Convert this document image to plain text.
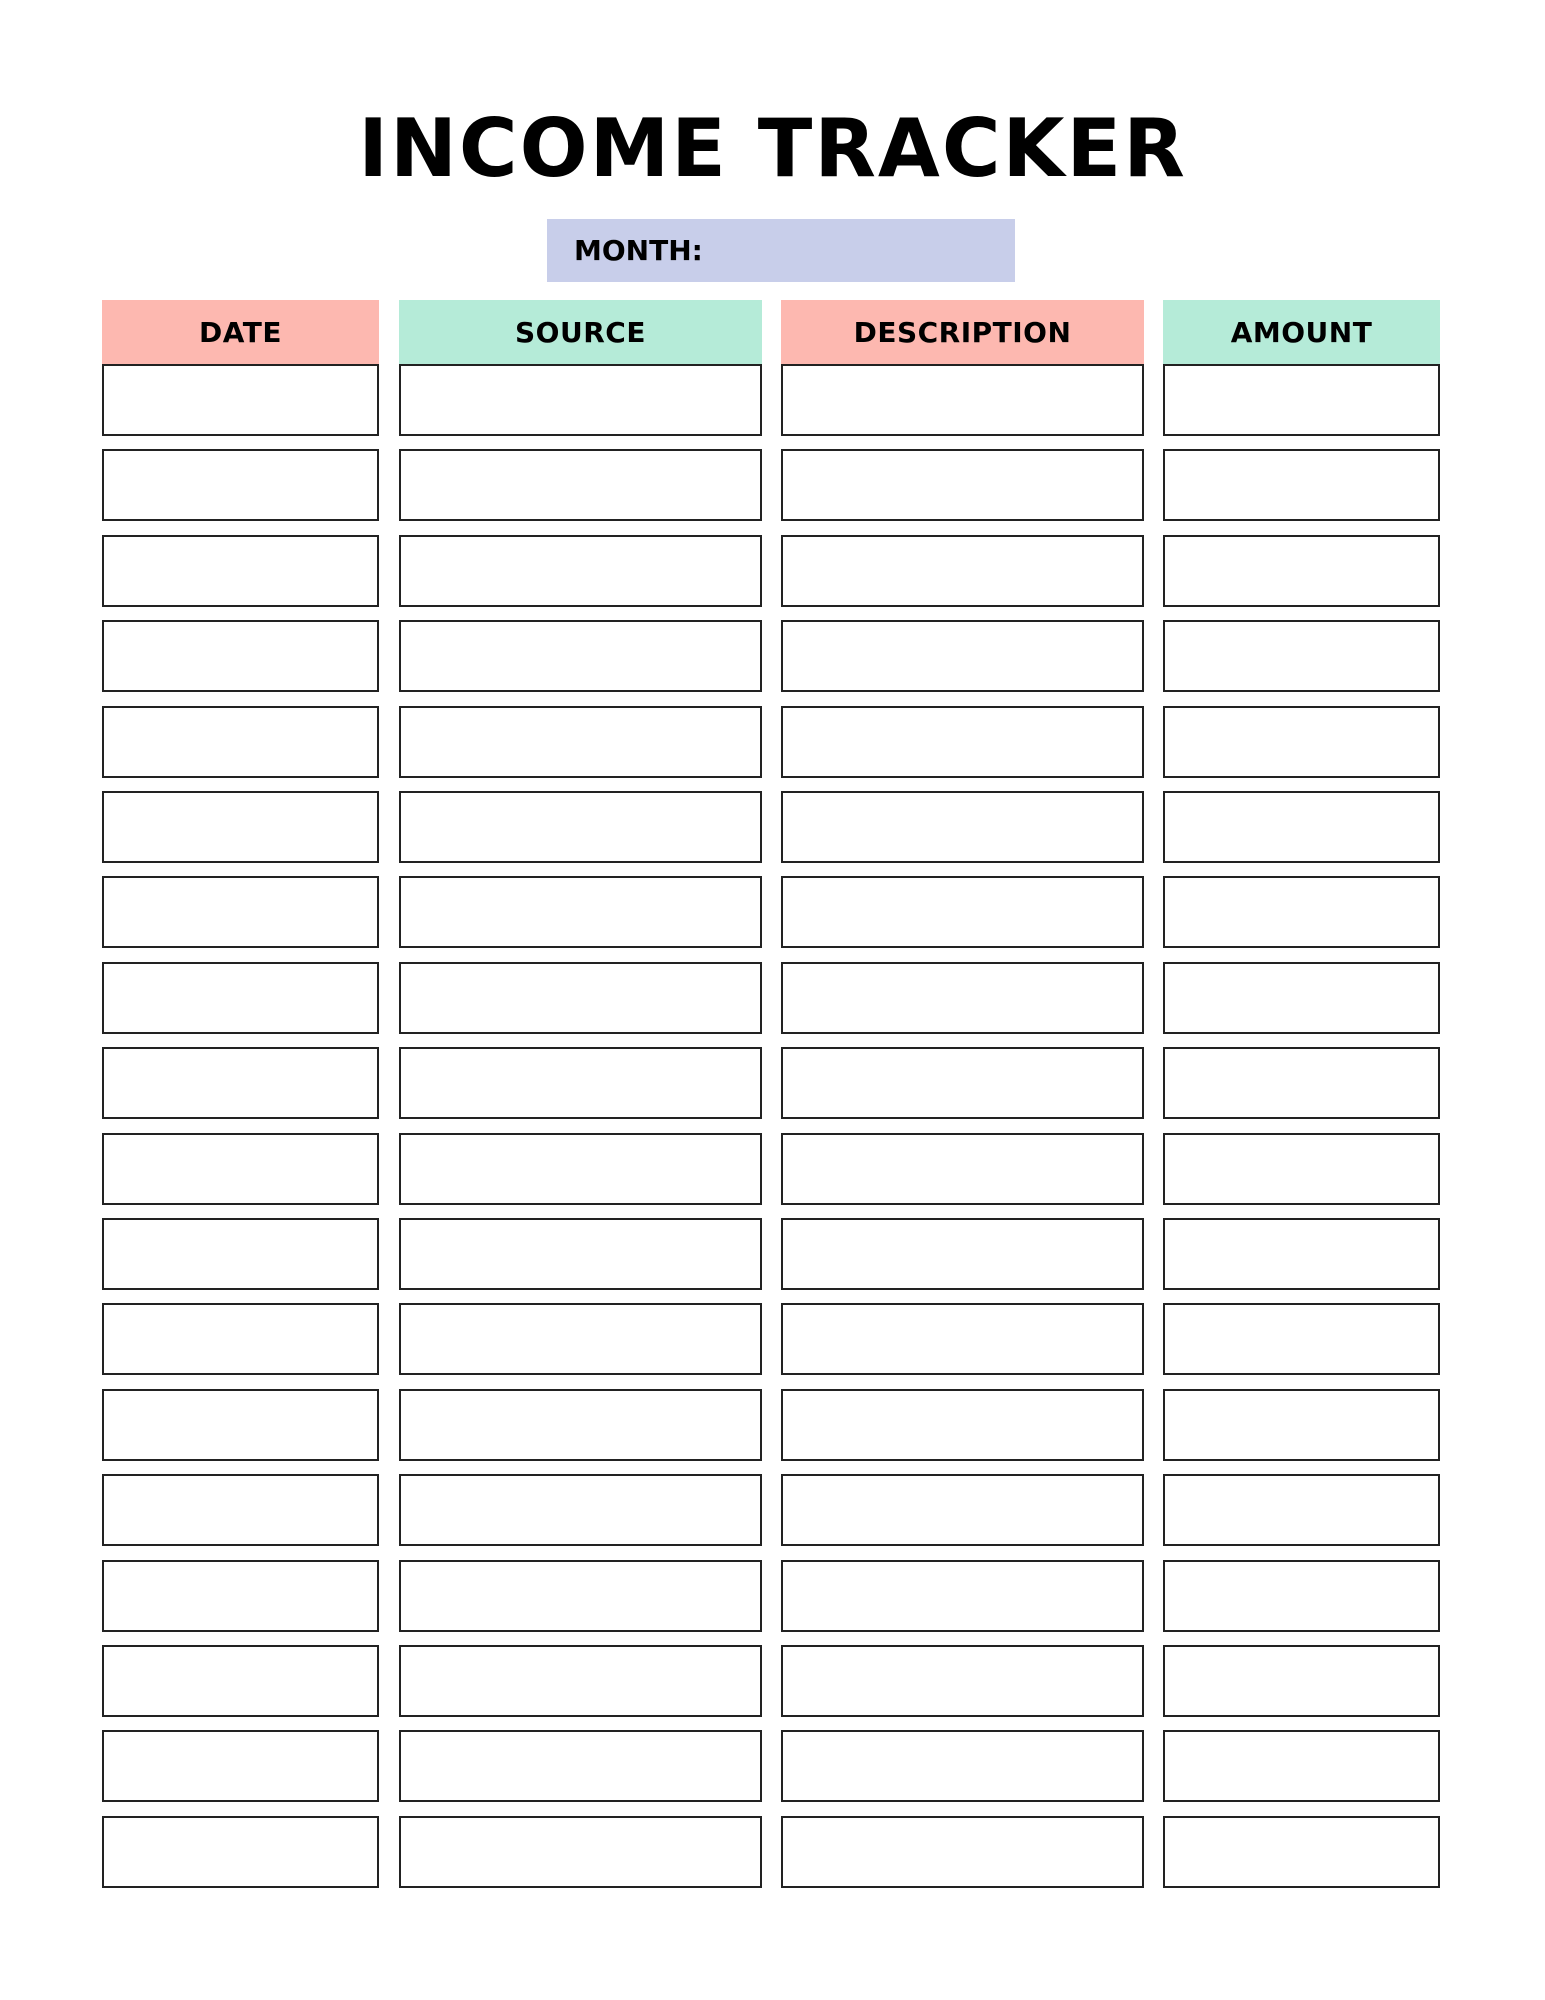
INCOME TRACKER
MONTH:
DATE	SOURCE	DESCRIPTION	AMOUNT
